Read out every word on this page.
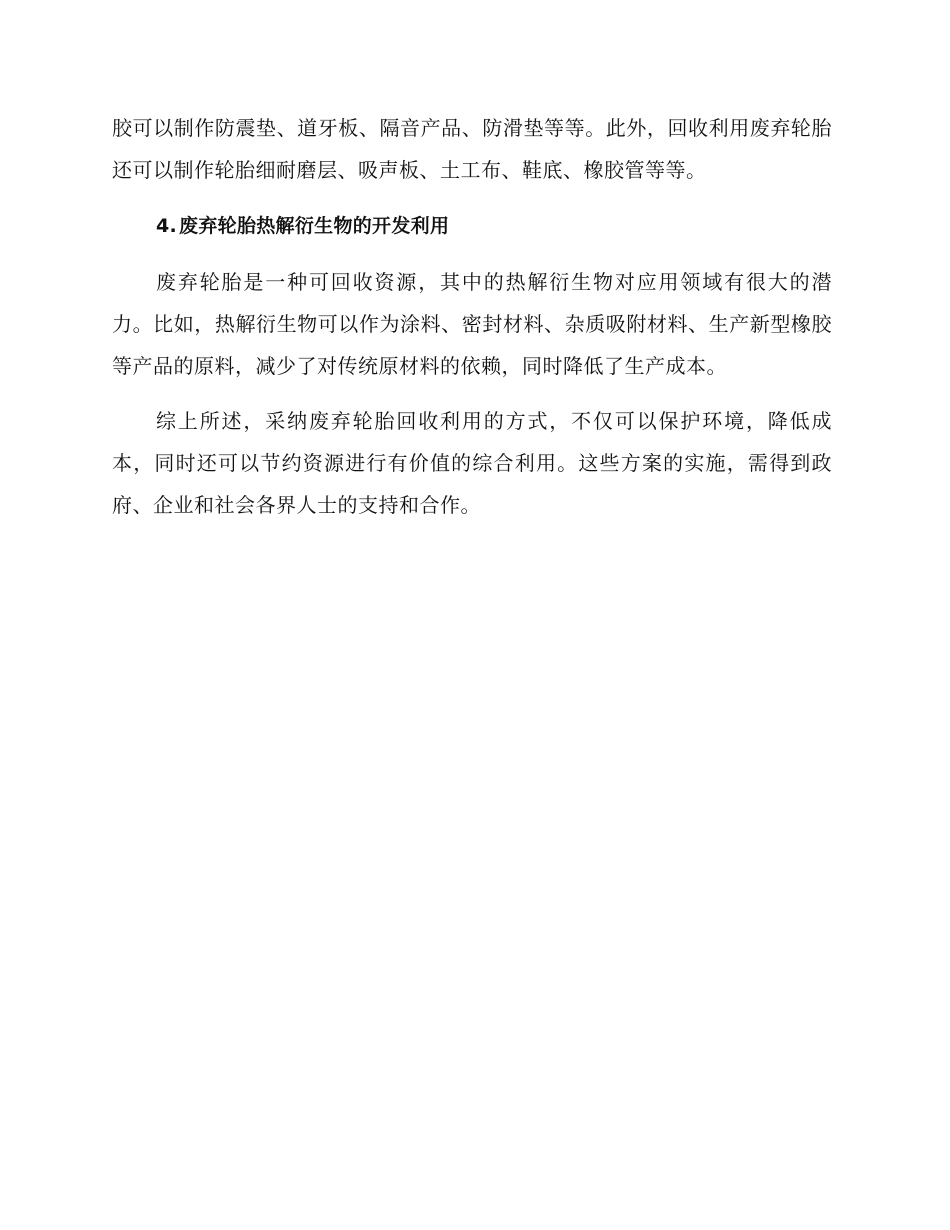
胶可以制作防震垫、道牙板、隔音产品、防滑垫等等。此外，回收利用废弃轮胎还可以制作轮胎细耐磨层、吸声板、土工布、鞋底、橡胶管等等。

4. 废弃轮胎热解衍生物的开发利用

废弃轮胎是一种可回收资源，其中的热解衍生物对应用领域有很大的潜力。比如，热解衍生物可以作为涂料、密封材料、杂质吸附材料、生产新型橡胶等产品的原料，减少了对传统原材料的依赖，同时降低了生产成本。

综上所述，采纳废弃轮胎回收利用的方式，不仅可以保护环境，降低成本，同时还可以节约资源进行有价值的综合利用。这些方案的实施，需得到政府、企业和社会各界人士的支持和合作。
